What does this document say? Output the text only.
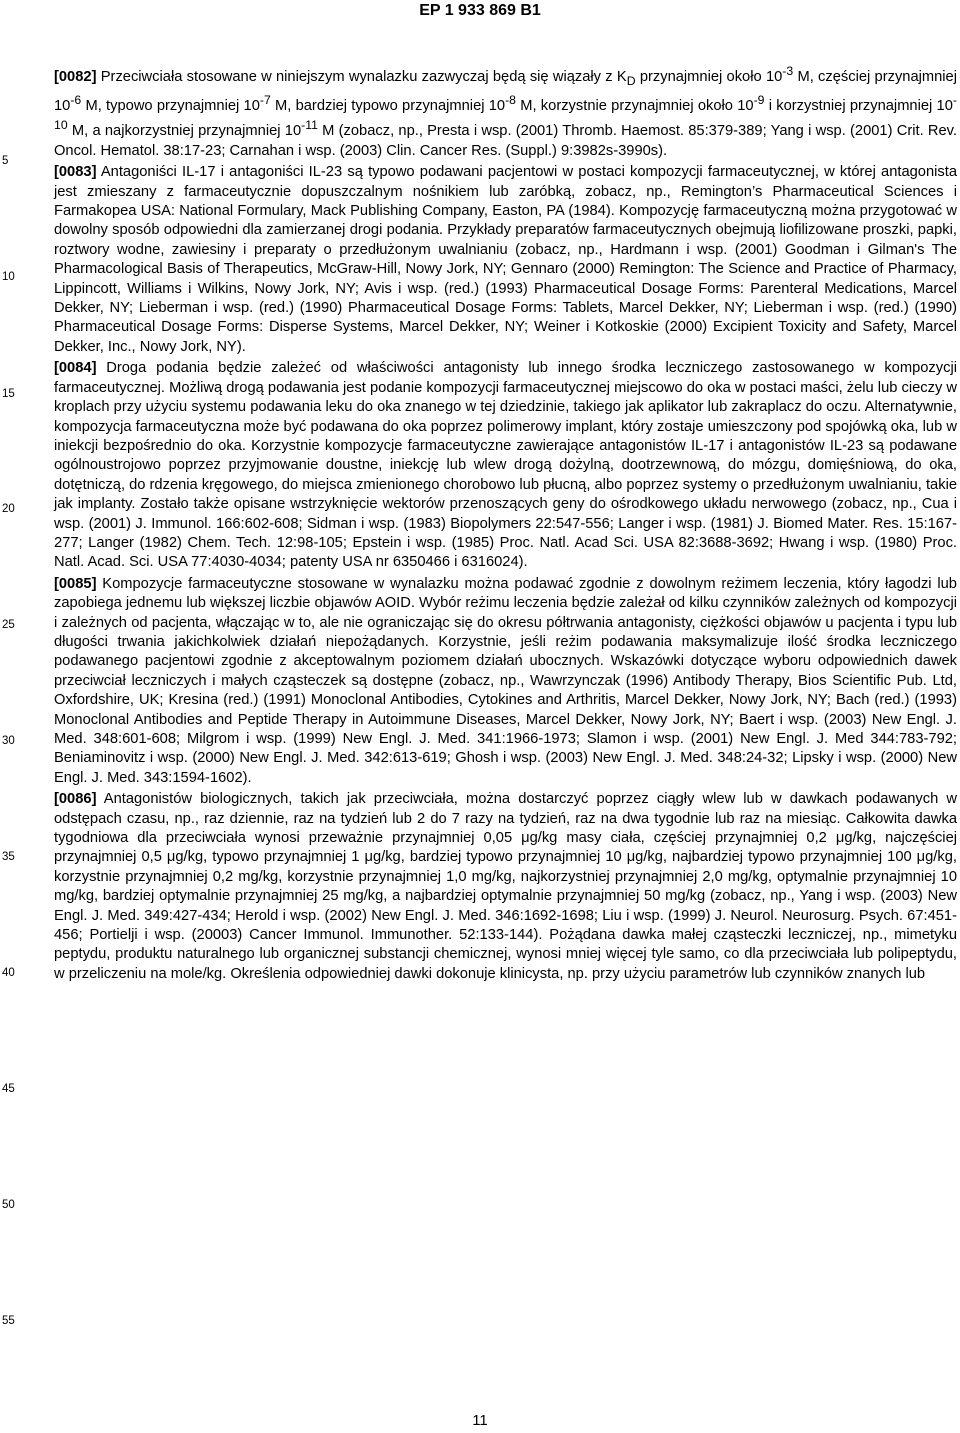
EP 1 933 869 B1
5
10
15
20
25
30
35
40
45
50
55

[0082] Przeciwciała stosowane w niniejszym wynalazku zazwyczaj będą się wiązały z $K_D$ przynajmniej około $10^{-3}$ M, częściej przynajmniej $10^{-6}$ M, typowo przynajmniej $10^{-7}$ M, bardziej typowo przynajmniej $10^{-8}$ M, korzystnie przynajmniej około $10^{-9}$ i korzystniej przynajmniej $10^{-10}$ M, a najkorzystniej przynajmniej $10^{-11}$ M (zobacz, np., Presta i wsp. (2001) Thromb. Haemost. 85:379-389; Yang i wsp. (2001) Crit. Rev. Oncol. Hematol. 38:17-23; Carnahan i wsp. (2003) Clin. Cancer Res. (Suppl.) 9:3982s-3990s).

[0083] Antagoniści IL-17 i antagoniści IL-23 są typowo podawani pacjentowi w postaci kompozycji farmaceutycznej, w której antagonista jest zmieszany z farmaceutycznie dopuszczalnym nośnikiem lub zaróbką, zobacz, np., Remington’s Pharmaceutical Sciences i Farmakopea USA: National Formulary, Mack Publishing Company, Easton, PA (1984). Kompozycję farmaceutyczną można przygotować w dowolny sposób odpowiedni dla zamierzanej drogi podania. Przykłady preparatów farmaceutycznych obejmują liofilizowane proszki, papki, roztwory wodne, zawiesiny i preparaty o przedłużonym uwalnianiu (zobacz, np., Hardmann i wsp. (2001) Goodman i Gilman's The Pharmacological Basis of Therapeutics, McGraw-Hill, Nowy Jork, NY; Gennaro (2000) Remington: The Science and Practice of Pharmacy, Lippincott, Williams i Wilkins, Nowy Jork, NY; Avis i wsp. (red.) (1993) Pharmaceutical Dosage Forms: Parenteral Medications, Marcel Dekker, NY; Lieberman i wsp. (red.) (1990) Pharmaceutical Dosage Forms: Tablets, Marcel Dekker, NY; Lieberman i wsp. (red.) (1990) Pharmaceutical Dosage Forms: Disperse Systems, Marcel Dekker, NY; Weiner i Kotkoskie (2000) Excipient Toxicity and Safety, Marcel Dekker, Inc., Nowy Jork, NY).

[0084] Droga podania będzie zależeć od właściwości antagonisty lub innego środka leczniczego zastosowanego w kompozycji farmaceutycznej. Możliwą drogą podawania jest podanie kompozycji farmaceutycznej miejscowo do oka w postaci maści, żelu lub cieczy w kroplach przy użyciu systemu podawania leku do oka znanego w tej dziedzinie, takiego jak aplikator lub zakraplacz do oczu. Alternatywnie, kompozycja farmaceutyczna może być podawana do oka poprzez polimerowy implant, który zostaje umieszczony pod spojówką oka, lub w iniekcji bezpośrednio do oka. Korzystnie kompozycje farmaceutyczne zawierające antagonistów IL-17 i antagonistów IL-23 są podawane ogólnoustrojowo poprzez przyjmowanie doustne, iniekcję lub wlew drogą dożylną, dootrzewnową, do mózgu, domięśniową, do oka, dotętniczą, do rdzenia kręgowego, do miejsca zmienionego chorobowo lub płucną, albo poprzez systemy o przedłużonym uwalnianiu, takie jak implanty. Zostało także opisane wstrzyknięcie wektorów przenoszących geny do ośrodkowego układu nerwowego (zobacz, np., Cua i wsp. (2001) J. Immunol. 166:602-608; Sidman i wsp. (1983) Biopolymers 22:547-556; Langer i wsp. (1981) J. Biomed Mater. Res. 15:167-277; Langer (1982) Chem. Tech. 12:98-105; Epstein i wsp. (1985) Proc. Natl. Acad Sci. USA 82:3688-3692; Hwang i wsp. (1980) Proc. Natl. Acad. Sci. USA 77:4030-4034; patenty USA nr 6350466 i 6316024).

[0085] Kompozycje farmaceutyczne stosowane w wynalazku można podawać zgodnie z dowolnym reżimem leczenia, który łagodzi lub zapobiega jednemu lub większej liczbie objawów AOID. Wybór reżimu leczenia będzie zależał od kilku czynników zależnych od kompozycji i zależnych od pacjenta, włączając w to, ale nie ograniczając się do okresu półtrwania antagonisty, ciężkości objawów u pacjenta i typu lub długości trwania jakichkolwiek działań niepożądanych. Korzystnie, jeśli reżim podawania maksymalizuje ilość środka leczniczego podawanego pacjentowi zgodnie z akceptowalnym poziomem działań ubocznych. Wskazówki dotyczące wyboru odpowiednich dawek przeciwciał leczniczych i małych cząsteczek są dostępne (zobacz, np., Wawrzynczak (1996) Antibody Therapy, Bios Scientific Pub. Ltd, Oxfordshire, UK; Kresina (red.) (1991) Monoclonal Antibodies, Cytokines and Arthritis, Marcel Dekker, Nowy Jork, NY; Bach (red.) (1993) Monoclonal Antibodies and Peptide Therapy in Autoimmune Diseases, Marcel Dekker, Nowy Jork, NY; Baert i wsp. (2003) New Engl. J. Med. 348:601-608; Milgrom i wsp. (1999) New Engl. J. Med. 341:1966-1973; Slamon i wsp. (2001) New Engl. J. Med 344:783-792; Beniaminovitz i wsp. (2000) New Engl. J. Med. 342:613-619; Ghosh i wsp. (2003) New Engl. J. Med. 348:24-32; Lipsky i wsp. (2000) New Engl. J. Med. 343:1594-1602).

[0086] Antagonistów biologicznych, takich jak przeciwciała, można dostarczyć poprzez ciągły wlew lub w dawkach podawanych w odstępach czasu, np., raz dziennie, raz na tydzień lub 2 do 7 razy na tydzień, raz na dwa tygodnie lub raz na miesiąc. Całkowita dawka tygodniowa dla przeciwciała wynosi przeważnie przynajmniej 0,05 μg/kg masy ciała, częściej przynajmniej 0,2 μg/kg, najczęściej przynajmniej 0,5 μg/kg, typowo przynajmniej 1 μg/kg, bardziej typowo przynajmniej 10 μg/kg, najbardziej typowo przynajmniej 100 μg/kg, korzystnie przynajmniej 0,2 mg/kg, korzystnie przynajmniej 1,0 mg/kg, najkorzystniej przynajmniej 2,0 mg/kg, optymalnie przynajmniej 10 mg/kg, bardziej optymalnie przynajmniej 25 mg/kg, a najbardziej optymalnie przynajmniej 50 mg/kg (zobacz, np., Yang i wsp. (2003) New Engl. J. Med. 349:427-434; Herold i wsp. (2002) New Engl. J. Med. 346:1692-1698; Liu i wsp. (1999) J. Neurol. Neurosurg. Psych. 67:451-456; Portielji i wsp. (20003) Cancer Immunol. Immunother. 52:133-144). Pożądana dawka małej cząsteczki leczniczej, np., mimetyku peptydu, produktu naturalnego lub organicznej substancji chemicznej, wynosi mniej więcej tyle samo, co dla przeciwciała lub polipeptydu, w przeliczeniu na mole/kg. Określenia odpowiedniej dawki dokonuje klinicysta, np. przy użyciu parametrów lub czynników znanych lub

11
